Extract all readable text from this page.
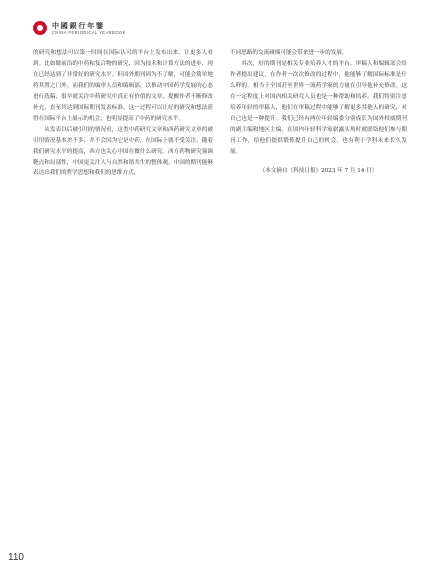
中國銀行年鑒
CHINA PERIODICAL YEARBOOK

的研究和想法可以第一时间在国际认可的平台上发布出来，让更多人看到。比如做前沿的中药和复合物的研究，因为技术和计算方法的进步，现在已经达到了非常好的研究水平。但国外期刊因为不了解，可能会简单地将其置之门外。而我们的编审人员和编辑部，以推动中国药学发展的心态进行选稿，很早就关注中药研究中真正有价值的文章，提醒作者不断修改补充，直至其达到国际期刊发表标准。这一过程可以让好的研究和想法获得在国际平台上展示的机会，也明显提高了中药的研究水平。

从发表以后被引用的情况看，这类中药研究文章和西药研究文章的被引用情况基本差不多，并不会因为它是中药，在国际上就不受关注。随着我们研究水平的提高，西方也关心中国在做什么研究。西方药物研究强调靶点和局部性，中国更关注人与自然和谐共生的整体观。中国的期刊能够表达出我们的哲学思想和我们的思维方式，

不同思路的交流碰撞可能会带来进一步的发展。

其次，好的期刊是相关专业培养人才的平台。审稿人和编辑部会给作者提出建议，在作者一次次修改的过程中，他能够了解国际标准是什么样的，相当于全国甚至世界一流药学家的力量在引导他补充修改。这在一定程度上对国内相关研究人员也是一种帮助和培养。我们特别注意培养年轻的审稿人，他们在审稿过程中能够了解更多其他人的研究，对自己也是一种提升。我们已经有两位年轻编委分别成长为国外权威期刊的副主编和地区主编。在国内年轻科学家崭露头角时就联络他们参与期刊工作，给他们提供锻炼提升自己的机会，也有利于学科未来长久发展。

（本文摘自《科技日报》2023 年 7 月 14 日）

110
